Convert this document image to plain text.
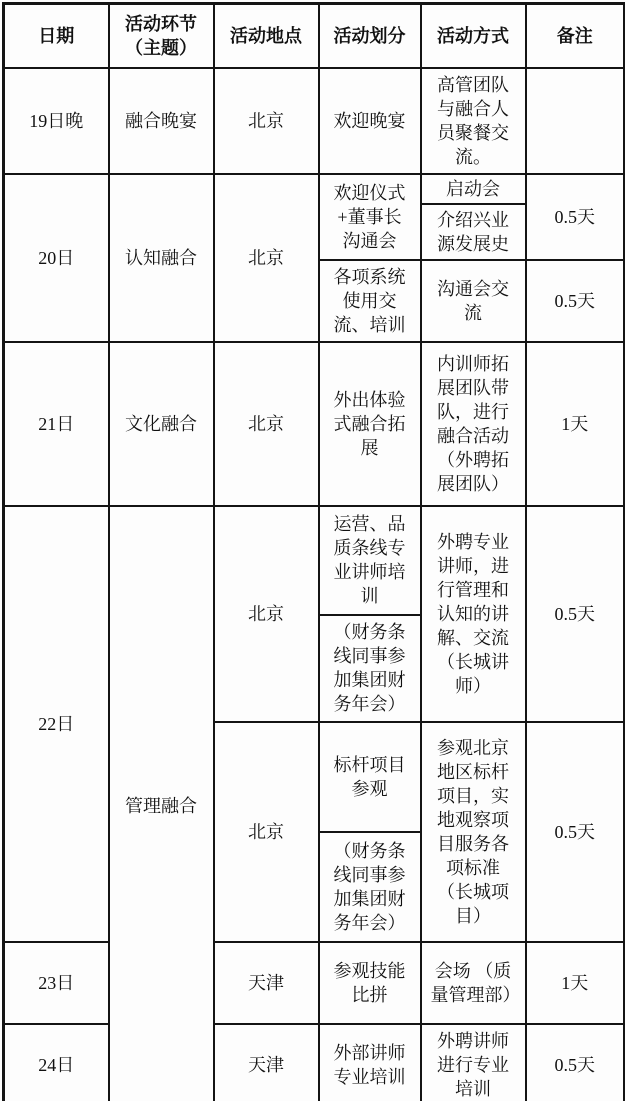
日期	活动环节（主题）	活动地点	活动划分	活动方式	备注
19日晚	融合晚宴	北京	欢迎晚宴	高管团队与融合人员聚餐交流。	
20日	认知融合	北京	欢迎仪式+董事长沟通会	启动会	0.5天
				介绍兴业源发展史	
			各项系统使用交流、培训	沟通会交流	0.5天
21日	文化融合	北京	外出体验式融合拓展	内训师拓展团队带队，进行融合活动（外聘拓展团队）	1天
22日	管理融合	北京	运营、品质条线专业讲师培训	外聘专业讲师，进行管理和认知的讲解、交流（长城讲师）	0.5天
			（财务条线同事参加集团财务年会）		
		北京	标杆项目参观	参观北京地区标杆项目，实地观察项目服务各项标准（长城项目）	0.5天
			（财务条线同事参加集团财务年会）		
23日		天津	参观技能比拼	会场 （质量管理部）	1天
24日		天津	外部讲师专业培训	外聘讲师进行专业培训	0.5天
